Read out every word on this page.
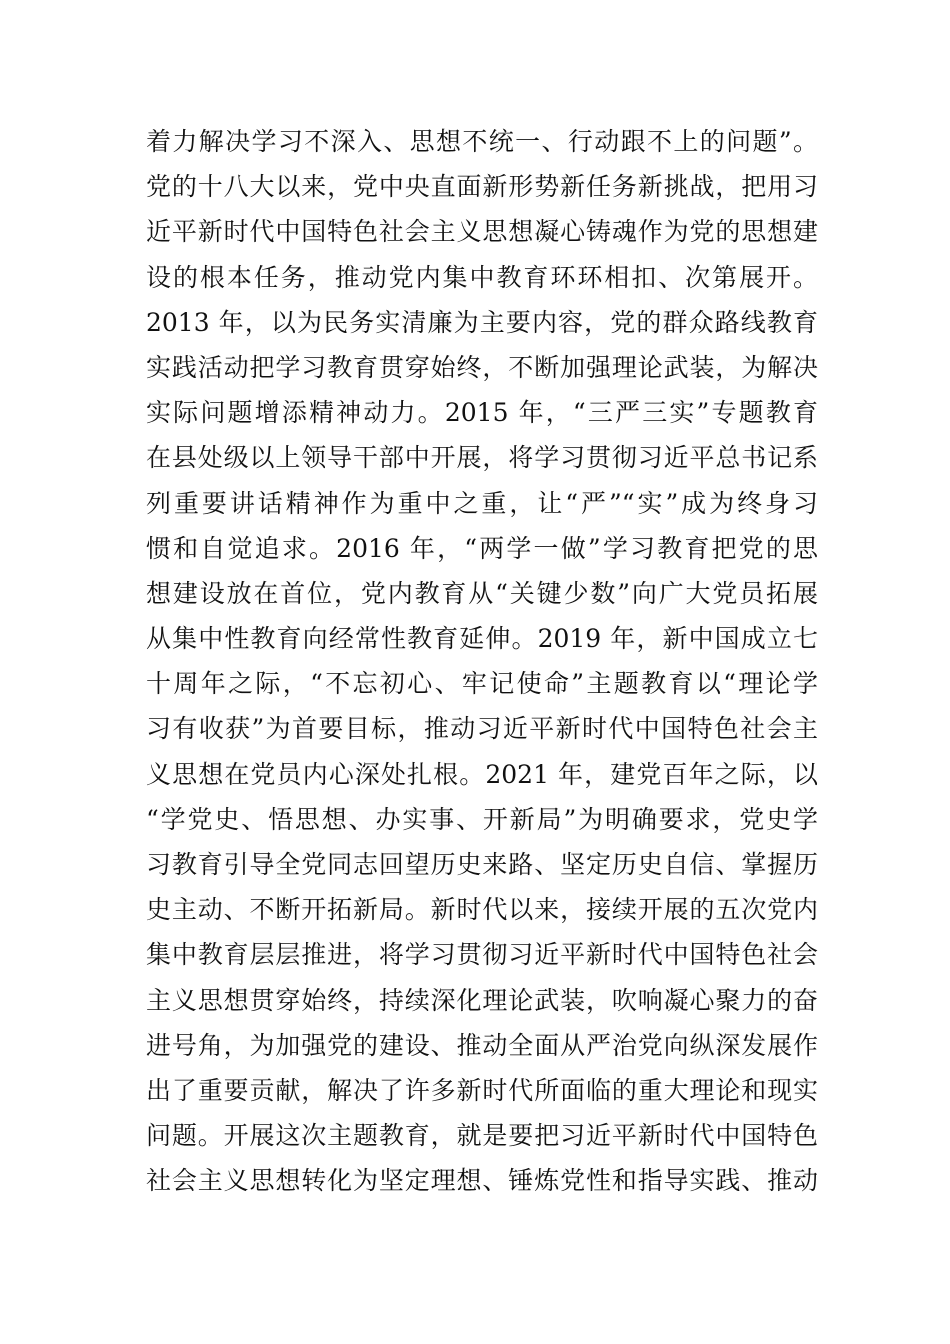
着力解决学习不深入、思想不统一、行动跟不上的问题”。
党的十八大以来，党中央直面新形势新任务新挑战，把用习
近平新时代中国特色社会主义思想凝心铸魂作为党的思想建
设的根本任务，推动党内集中教育环环相扣、次第展开。
2013 年，以为民务实清廉为主要内容，党的群众路线教育
实践活动把学习教育贯穿始终，不断加强理论武装，为解决
实际问题增添精神动力。2015 年，“三严三实”专题教育
在县处级以上领导干部中开展，将学习贯彻习近平总书记系
列重要讲话精神作为重中之重，让“严”“实”成为终身习
惯和自觉追求。2016 年，“两学一做”学习教育把党的思
想建设放在首位，党内教育从“关键少数”向广大党员拓展
从集中性教育向经常性教育延伸。2019 年，新中国成立七
十周年之际，“不忘初心、牢记使命”主题教育以“理论学
习有收获”为首要目标，推动习近平新时代中国特色社会主
义思想在党员内心深处扎根。2021 年，建党百年之际，以
“学党史、悟思想、办实事、开新局”为明确要求，党史学
习教育引导全党同志回望历史来路、坚定历史自信、掌握历
史主动、不断开拓新局。新时代以来，接续开展的五次党内
集中教育层层推进，将学习贯彻习近平新时代中国特色社会
主义思想贯穿始终，持续深化理论武装，吹响凝心聚力的奋
进号角，为加强党的建设、推动全面从严治党向纵深发展作
出了重要贡献，解决了许多新时代所面临的重大理论和现实
问题。开展这次主题教育，就是要把习近平新时代中国特色
社会主义思想转化为坚定理想、锤炼党性和指导实践、推动
